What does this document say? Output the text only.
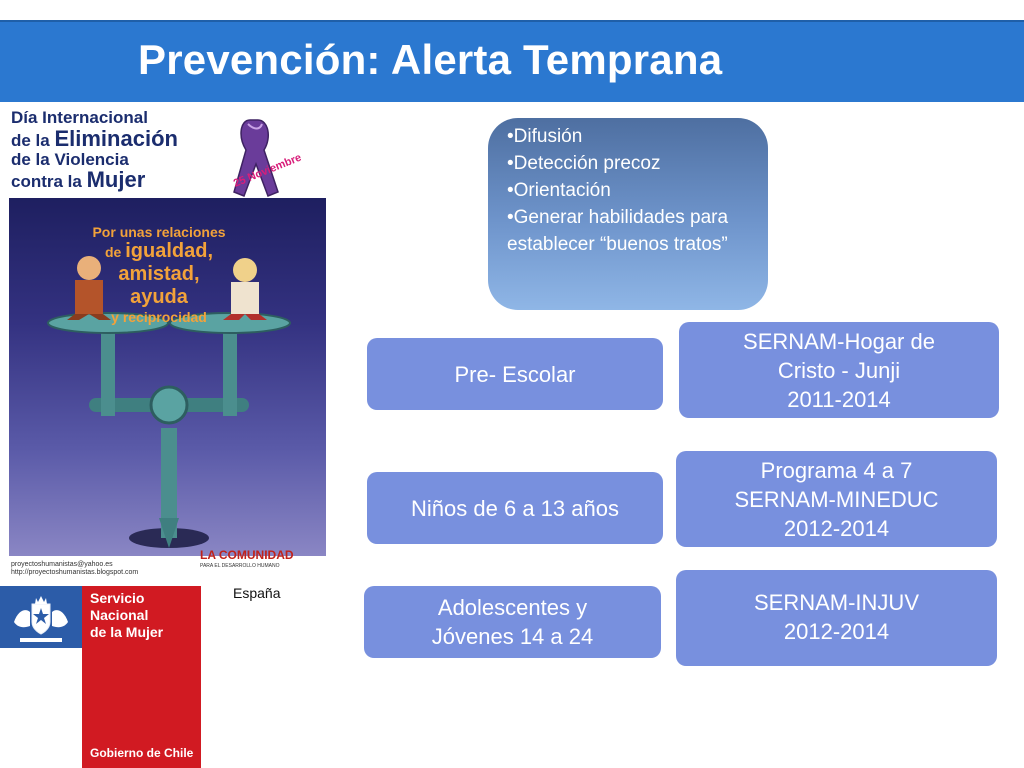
Prevención: Alerta Temprana
Día Internacional
de la Eliminación
de la Violencia
contra la Mujer	25 Noviembre
Por unas relaciones
de igualdad,
amistad,
ayuda
y reciprocidad
LA COMUNIDAD
PARA EL DESARROLLO HUMANO
proyectoshumanistas@yahoo.es
http://proyectoshumanistas.blogspot.com
España
Servicio
Nacional
de la Mujer
Gobierno de Chile
•Difusión
•Detección precoz
•Orientación
•Generar habilidades para establecer “buenos tratos”
Pre- Escolar
Niños de 6 a 13 años
Adolescentes y
Jóvenes 14 a 24
SERNAM-Hogar de
Cristo - Junji
2011-2014
Programa 4 a 7
SERNAM-MINEDUC
2012-2014
SERNAM-INJUV
2012-2014
